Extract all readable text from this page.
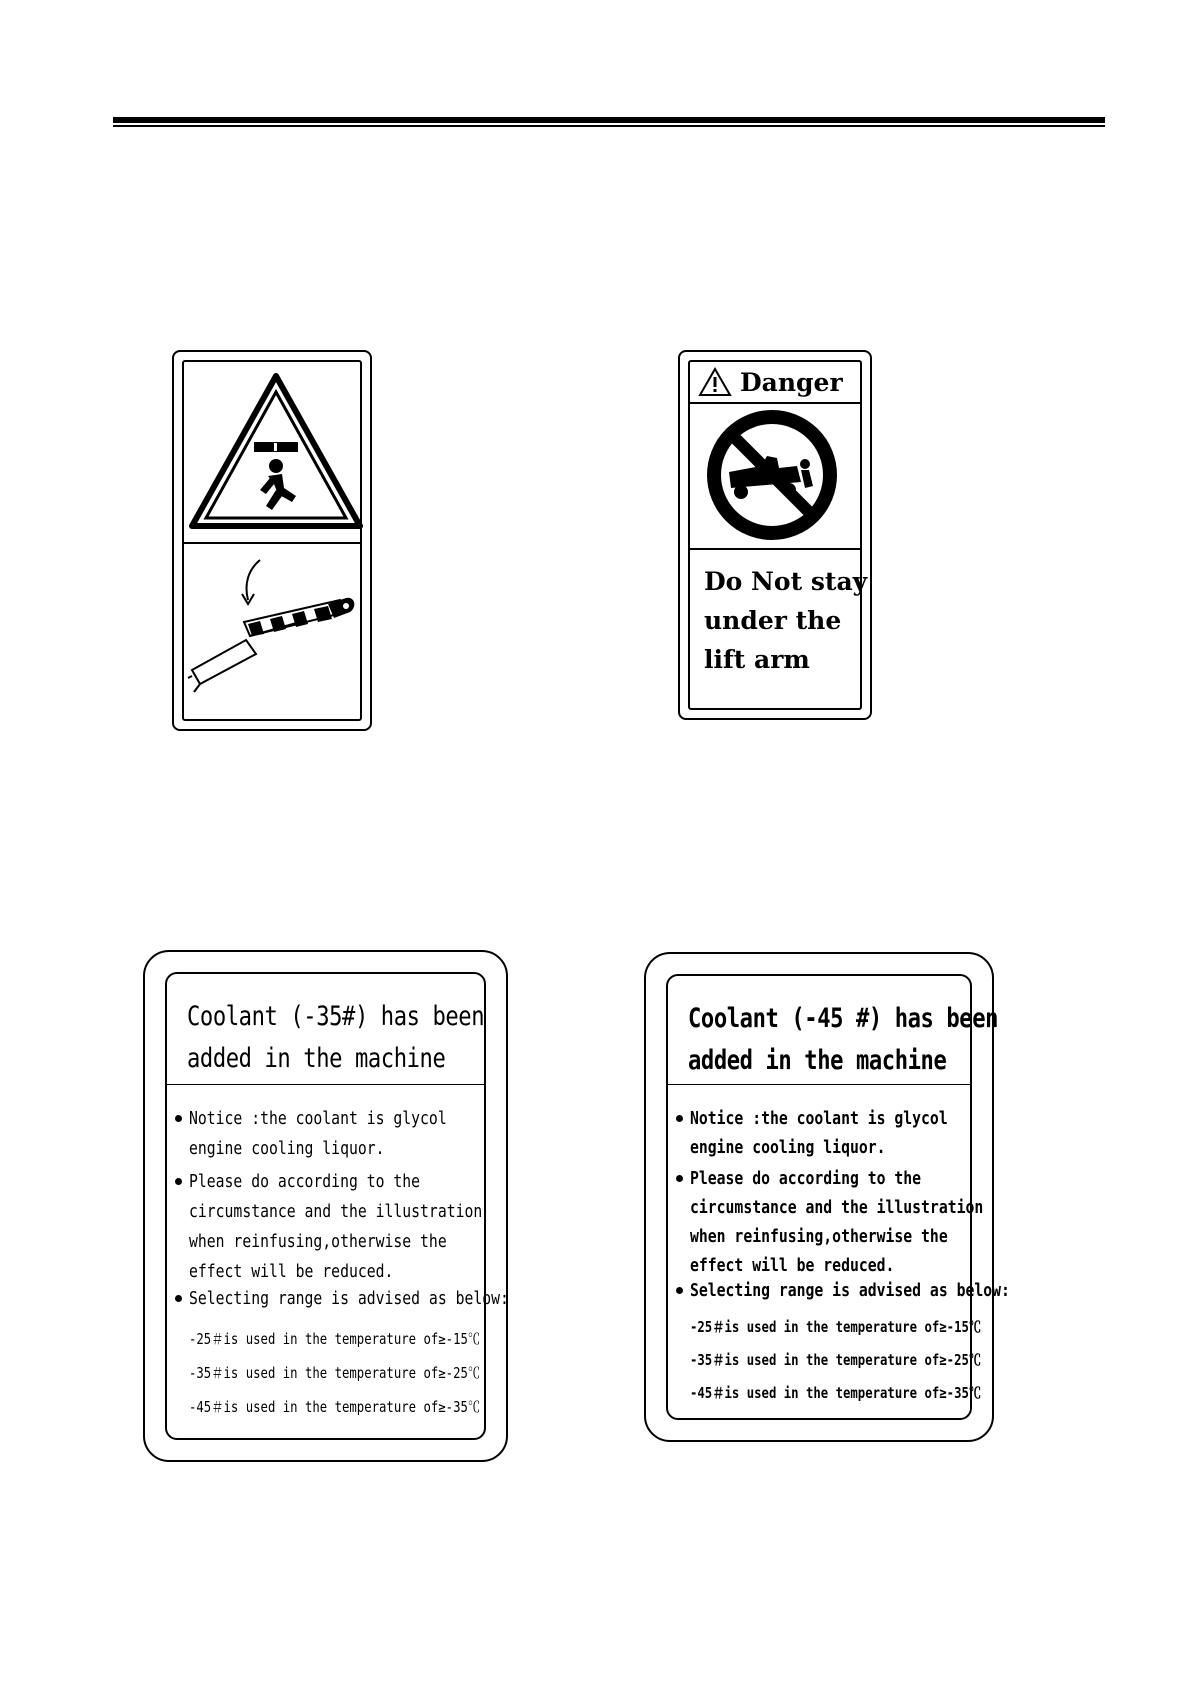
Danger
Do Not stay
under the
lift arm
Coolant (-35#) has been
added in the machine
Notice :the coolant is glycol
engine cooling liquor.
Please do according to the
circumstance and the illustration
when reinfusing,otherwise the
effect will be reduced.
Selecting range is advised as below:
-25＃is used in the temperature of≥-15℃
-35＃is used in the temperature of≥-25℃
-45＃is used in the temperature of≥-35℃
Coolant (-45 #) has been
added in the machine
Notice :the coolant is glycol
engine cooling liquor.
Please do according to the
circumstance and the illustration
when reinfusing,otherwise the
effect will be reduced.
Selecting range is advised as below:
-25＃is used in the temperature of≥-15℃
-35＃is used in the temperature of≥-25℃
-45＃is used in the temperature of≥-35℃
